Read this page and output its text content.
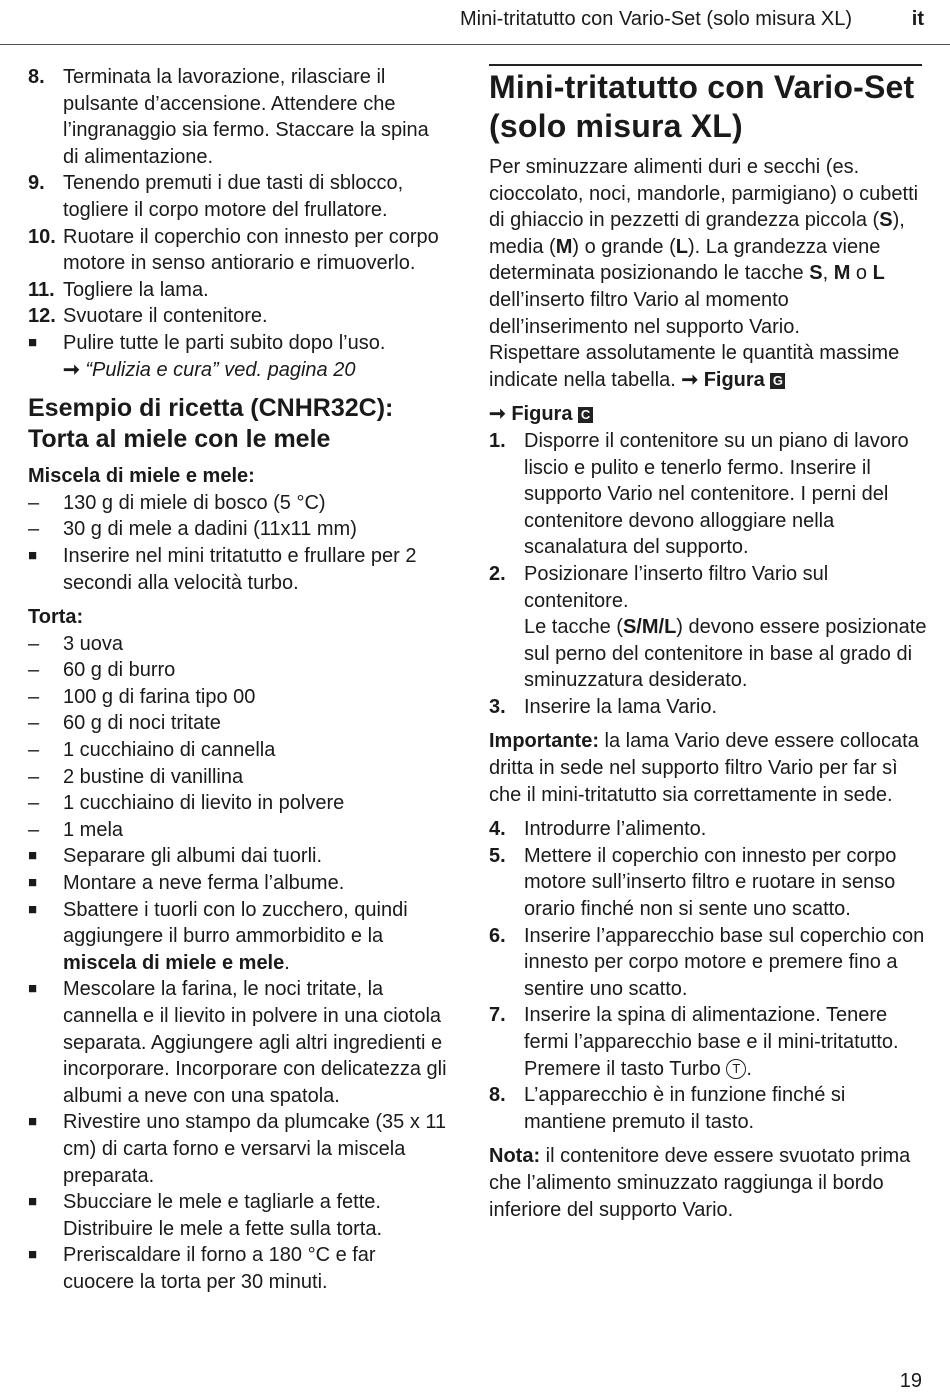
Mini-tritatutto con Vario-Set (solo misura XL)	it
8. Terminata la lavorazione, rilasciare il pulsante d’accensione. Attendere che l’ingranaggio sia fermo. Staccare la spina di alimentazione.
9. Tenendo premuti i due tasti di sblocco, togliere il corpo motore del frullatore.
10. Ruotare il coperchio con innesto per corpo motore in senso antiorario e rimuoverlo.
11. Togliere la lama.
12. Svuotare il contenitore.
■	Pulire tutte le parti subito dopo l’uso.
➞ “Pulizia e cura” ved. pagina 20
Esempio di ricetta (CNHR32C): Torta al miele con le mele
Miscela di miele e mele:
–	130 g di miele di bosco (5 °C)
–	30 g di mele a dadini (11x11 mm)
■	Inserire nel mini tritatutto e frullare per 2 secondi alla velocità turbo.
Torta:
–	3 uova
–	60 g di burro
–	100 g di farina tipo 00
–	60 g di noci tritate
–	1 cucchiaino di cannella
–	2 bustine di vanillina
–	1 cucchiaino di lievito in polvere
–	1 mela
■	Separare gli albumi dai tuorli.
■	Montare a neve ferma l’albume.
■	Sbattere i tuorli con lo zucchero, quindi aggiungere il burro ammorbidito e la miscela di miele e mele.
■	Mescolare la farina, le noci tritate, la cannella e il lievito in polvere in una ciotola separata. Aggiungere agli altri ingredienti e incorporare. Incorporare con delicatezza gli albumi a neve con una spatola.
■	Rivestire uno stampo da plumcake (35 x 11 cm) di carta forno e versarvi la miscela preparata.
■	Sbucciare le mele e tagliarle a fette. Distribuire le mele a fette sulla torta.
■	Preriscaldare il forno a 180 °C e far cuocere la torta per 30 minuti.
Mini-tritatutto con Vario-Set (solo misura XL)
Per sminuzzare alimenti duri e secchi (es. cioccolato, noci, mandorle, parmigiano) o cubetti di ghiaccio in pezzetti di grandezza piccola (S), media (M) o grande (L). La grandezza viene determinata posizionando le tacche S, M o L dell’inserto filtro Vario al momento dell’inserimento nel supporto Vario.
Rispettare assolutamente le quantità massime indicate nella tabella. ➞ Figura G
➞ Figura C
1. Disporre il contenitore su un piano di lavoro liscio e pulito e tenerlo fermo. Inserire il supporto Vario nel contenitore. I perni del contenitore devono alloggiare nella scanalatura del supporto.
2. Posizionare l’inserto filtro Vario sul contenitore.
Le tacche (S/M/L) devono essere posizionate sul perno del contenitore in base al grado di sminuzzatura desiderato.
3. Inserire la lama Vario.
Importante: la lama Vario deve essere collocata dritta in sede nel supporto filtro Vario per far sì che il mini-tritatutto sia correttamente in sede.
4. Introdurre l’alimento.
5. Mettere il coperchio con innesto per corpo motore sull’inserto filtro e ruotare in senso orario finché non si sente uno scatto.
6. Inserire l’apparecchio base sul coperchio con innesto per corpo motore e premere fino a sentire uno scatto.
7. Inserire la spina di alimentazione. Tenere fermi l’apparecchio base e il mini-tritatutto. Premere il tasto Turbo T .
8. L’apparecchio è in funzione finché si mantiene premuto il tasto.
Nota: il contenitore deve essere svuotato prima che l’alimento sminuzzato raggiunga il bordo inferiore del supporto Vario.
19
